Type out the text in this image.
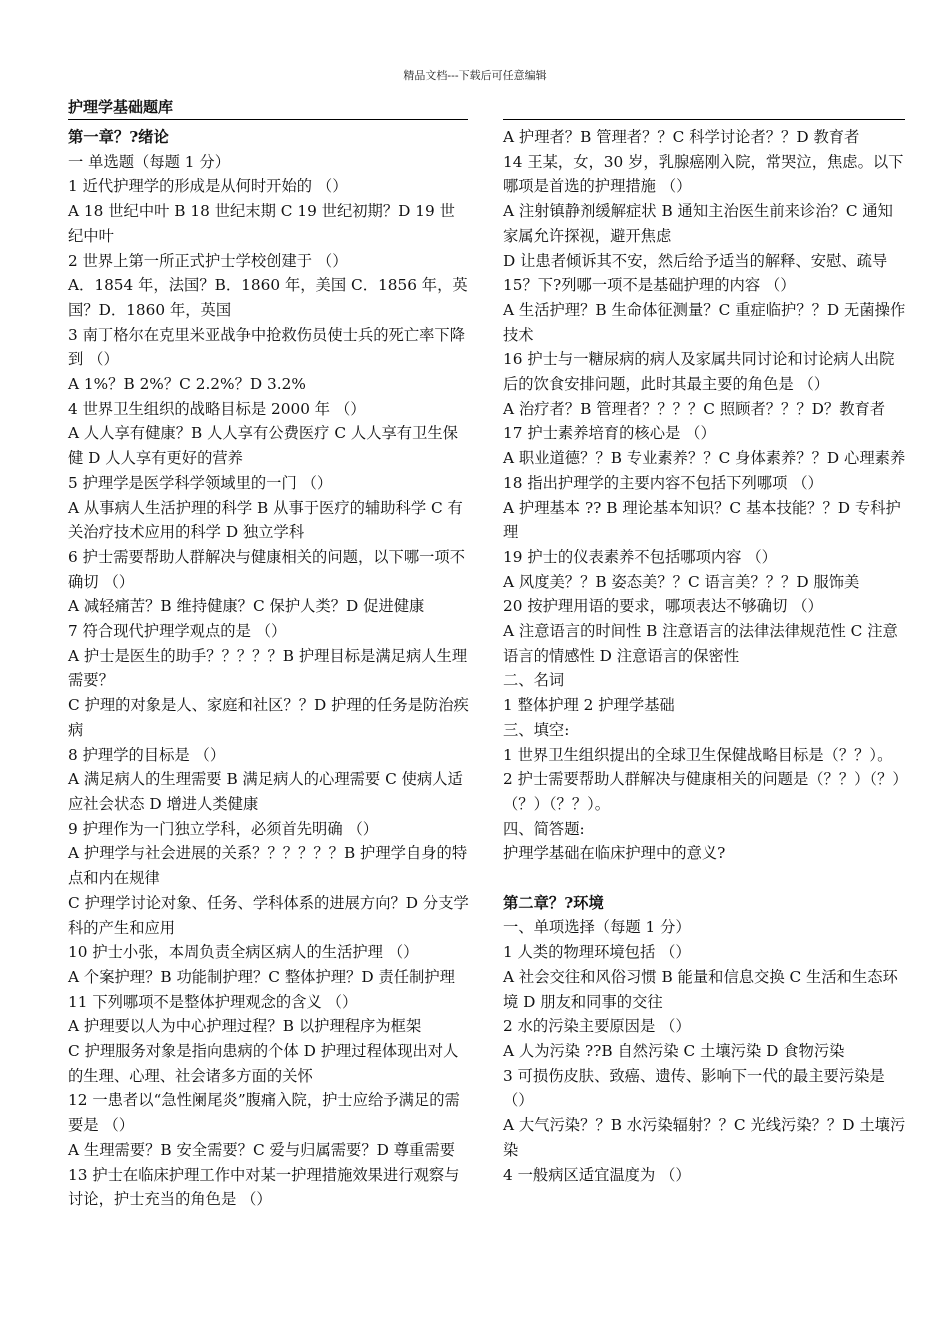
精品文档---下载后可任意编辑
护理学基础题库

第一章？?绪论

一 单选题（每题 1 分）

1 近代护理学的形成是从何时开始的 （）

A 18 世纪中叶 B 18 世纪末期 C 19 世纪初期？D 19 世纪中叶

2 世界上第一所正式护士学校创建于 （）

A．1854 年，法国？B．1860 年，美国 C．1856 年，英国？D．1860 年，英国

3 南丁格尔在克里米亚战争中抢救伤员使士兵的死亡率下降到 （）

A 1%？B 2%？C 2.2%？D 3.2%

4 世界卫生组织的战略目标是 2000 年 （）

A 人人享有健康？B 人人享有公费医疗 C 人人享有卫生保健 D 人人享有更好的营养

5 护理学是医学科学领域里的一门 （）

A 从事病人生活护理的科学 B 从事于医疗的辅助科学 C 有关治疗技术应用的科学 D 独立学科

6 护士需要帮助人群解决与健康相关的问题，以下哪一项不确切 （）

A 减轻痛苦？B 维持健康？C 保护人类？D 促进健康

7 符合现代护理学观点的是 （）

A 护士是医生的助手？？？？？B 护理目标是满足病人生理需要？

C 护理的对象是人、家庭和社区？？D 护理的任务是防治疾病

8 护理学的目标是 （）

A 满足病人的生理需要 B 满足病人的心理需要 C 使病人适应社会状态 D 增进人类健康

9 护理作为一门独立学科，必须首先明确 （）

A 护理学与社会进展的关系？？？？？？B 护理学自身的特点和内在规律

C 护理学讨论对象、任务、学科体系的进展方向？D 分支学科的产生和应用

10 护士小张，本周负责全病区病人的生活护理 （）

A 个案护理？B 功能制护理？C 整体护理？D 责任制护理

11 下列哪项不是整体护理观念的含义 （）

A 护理要以人为中心护理过程？B 以护理程序为框架

C 护理服务对象是指向患病的个体 D 护理过程体现出对人的生理、心理、社会诸多方面的关怀

12 一患者以“急性阑尾炎”腹痛入院，护士应给予满足的需要是 （）

A 生理需要？B 安全需要？C 爱与归属需要？D 尊重需要

13 护士在临床护理工作中对某一护理措施效果进行观察与讨论，护士充当的角色是 （）

A 护理者？B 管理者？？C 科学讨论者？？D 教育者

14 王某，女，30 岁，乳腺癌刚入院，常哭泣，焦虑。以下哪项是首选的护理措施 （）

A 注射镇静剂缓解症状 B 通知主治医生前来诊治？C 通知家属允许探视，避开焦虑

D 让患者倾诉其不安，然后给予适当的解释、安慰、疏导

15？下?列哪一项不是基础护理的内容 （）

A 生活护理？B 生命体征测量？C 重症临护？？D 无菌操作技术

16 护士与一糖尿病的病人及家属共同讨论和讨论病人出院后的饮食安排问题，此时其最主要的角色是 （）

A 治疗者？B 管理者？？？？C 照顾者？？？D？教育者

17 护士素养培育的核心是 （）

A 职业道德？？B 专业素养？？C 身体素养？？D 心理素养

18 指出护理学的主要内容不包括下列哪项 （）

A 护理基本 ?? B 理论基本知识？C 基本技能？？D 专科护理

19 护士的仪表素养不包括哪项内容 （）

A 风度美？？B 姿态美？？C 语言美？？？D 服饰美

20 按护理用语的要求，哪项表达不够确切 （）

A 注意语言的时间性 B 注意语言的法律法律规范性 C 注意语言的情感性 D 注意语言的保密性

二、名词

1 整体护理 2 护理学基础

三、填空:

1 世界卫生组织提出的全球卫生保健战略目标是（？？）。

2 护士需要帮助人群解决与健康相关的问题是（？？）（？）（？）（？？）。

四、简答题:

护理学基础在临床护理中的意义?

第二章？?环境

一、单项选择（每题 1 分）

1 人类的物理环境包括 （）

A 社会交往和风俗习惯 B 能量和信息交换 C 生活和生态环境 D 朋友和同事的交往

2 水的污染主要原因是 （）

A 人为污染 ??B 自然污染 C 土壤污染 D 食物污染

3 可损伤皮肤、致癌、遗传、影响下一代的最主要污染是 （）

A 大气污染？？B 水污染辐射？？C 光线污染？？D 土壤污染

4 一般病区适宜温度为 （）
